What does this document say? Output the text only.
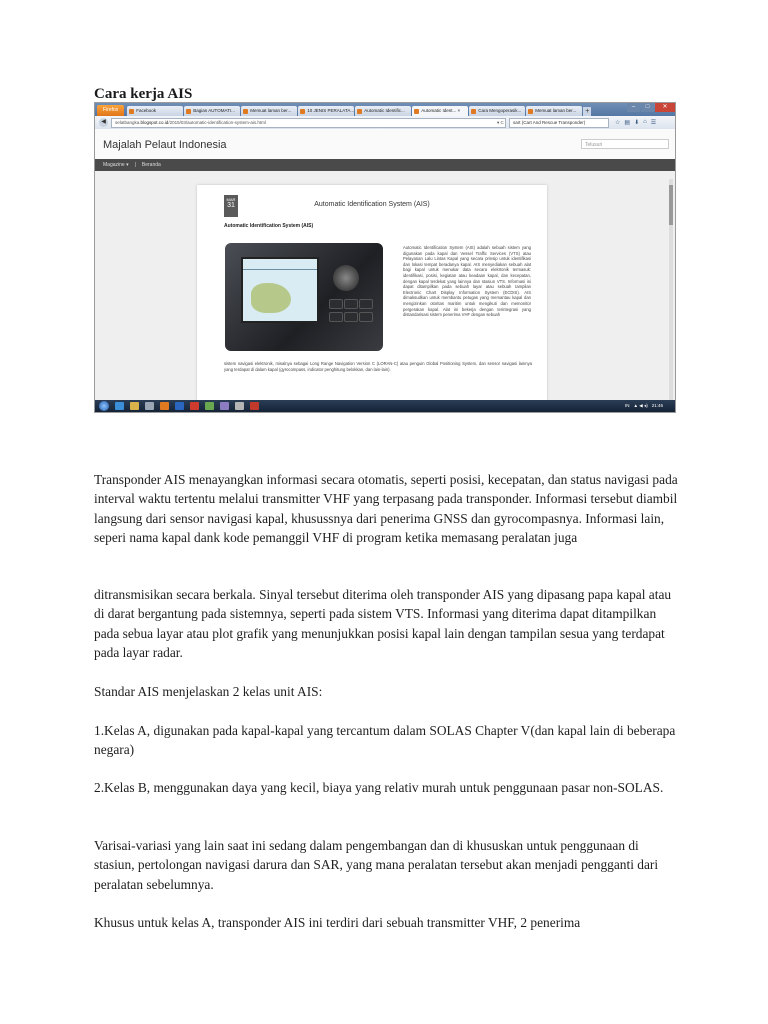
Cara kerja AIS
Firefox	Facebook	Bagian AUTOMATI...	Memuat laman ber...	10 JENIS PERALATA... Automatic Identific...	Automatic Ident... ×	Cara Mengoperasik...	Memuat laman ber... +
–	□	✕
◀	selatbangka.blogspot.co.id/2015/03/automatic-identification-system-ais.html	▾ C	sart (Cart And Rescue Transponder)	☆ ▤ ⬇ ⌂ ☰
Majalah Pelaut Indonesia	Telusuri
Magazine ▾ | Beranda
MAR
31	Automatic Identification System (AIS)
Automatic Identification System (AIS)
Automatic Identification System (AIS) adalah sebuah sistem yang digunakan pada kapal dan Vessel Traffic Services (VTS) atau Pelayanan Lalu Lintas Kapal yang secara prinsip untuk identifikasi dan lokasi tempat beradanya kapal. AIS menyediakan sebuah alat bagi kapal untuk menukar data secara elektronik termasuk: identifikasi, posisi, kegiatan atau keadaan kapal, dan kecepatan, dengan kapal terdekat yang lainnya dan stasiun VTS. Informasi ini dapat ditampilkan pada sebuah layar atau sebuah tampilan Electronic Chart Display Information System (ECDIS). AIS dimaksudkan untuk membantu petugas yang memantau kapal dan mengizinkan otoritas maritim untuk mengikuti dan memonitor pergerakan kapal. Alat ini bekerja dengan terintegrasi yang distandarisasi sistem penerima VHF dengan sebuah
sistem navigasi elektronik, misalnya sebagai Long Range Navigation Version C (LORAN-C) atau penguin Global Positioning System, dan sensor navigasi lainnya yang terdapat di dalam kapal (gyrocompass, indicator penghitung belokkan, dan lain-lain).
IN ▲ ◀ ◂) 21:46

Transponder AIS menayangkan informasi secara otomatis, seperti posisi, kecepatan, dan status navigasi pada interval waktu tertentu melalui transmitter VHF yang terpasang pada transponder. Informasi tersebut diambil langsung dari sensor navigasi kapal, khusussnya dari penerima GNSS dan gyrocompasnya. Informasi lain, seperi nama kapal dank kode pemanggil VHF di program ketika memasang peralatan juga

ditransmisikan secara berkala. Sinyal tersebut diterima oleh transponder AIS yang dipasang papa kapal atau di darat bergantung pada sistemnya, seperti pada sistem VTS. Informasi yang diterima dapat ditampilkan pada sebua layar atau plot grafik yang menunjukkan posisi kapal lain dengan tampilan sesua yang terdapat pada layar radar.

Standar AIS menjelaskan 2 kelas unit AIS:

1.Kelas A, digunakan pada kapal-kapal yang tercantum dalam SOLAS Chapter V(dan kapal lain di beberapa negara)

2.Kelas B, menggunakan daya yang kecil, biaya yang relativ murah untuk penggunaan pasar non-SOLAS.

Varisai-variasi yang lain saat ini sedang dalam pengembangan dan di khususkan untuk penggunaan di stasiun, pertolongan navigasi darura dan SAR, yang mana peralatan tersebut akan menjadi pengganti dari peralatan sebelumnya.

Khusus untuk kelas A, transponder AIS ini terdiri dari sebuah transmitter VHF, 2 penerima
